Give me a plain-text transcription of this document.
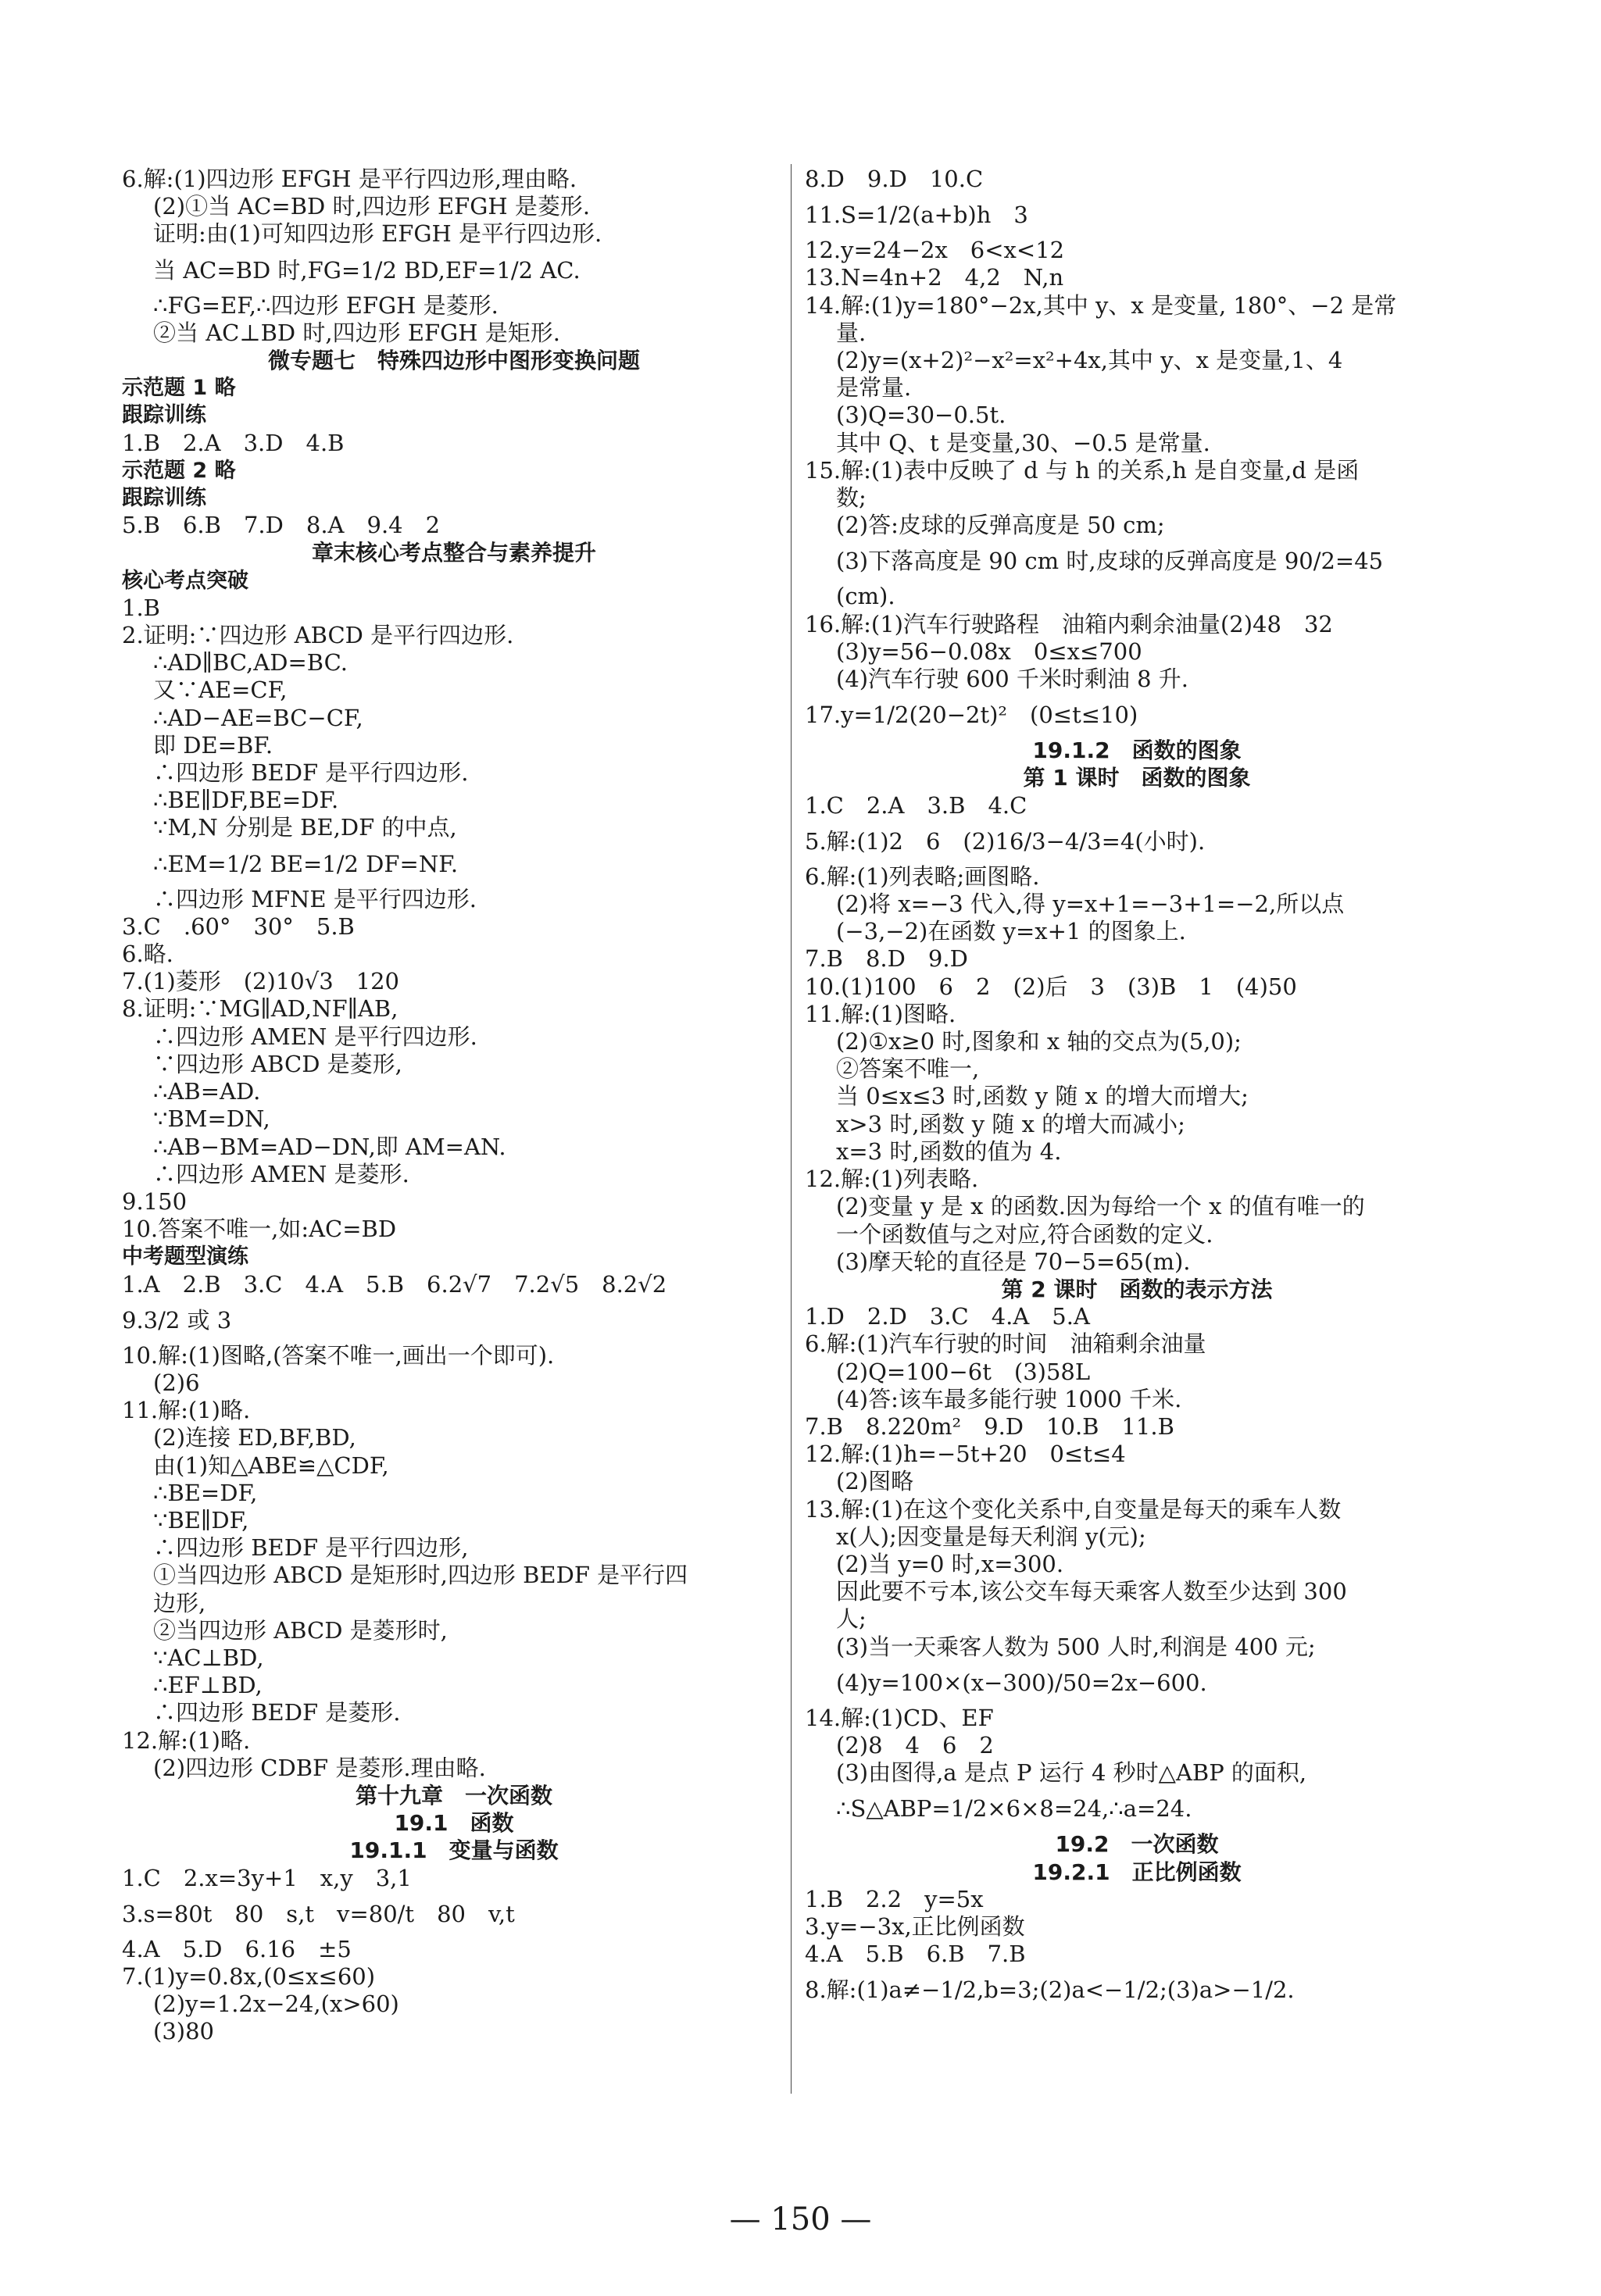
6.解:(1)四边形 EFGH 是平行四边形,理由略.
(2)①当 AC=BD 时,四边形 EFGH 是菱形.
证明:由(1)可知四边形 EFGH 是平行四边形.
当 AC=BD 时,FG=1/2 BD,EF=1/2 AC.
∴FG=EF,∴四边形 EFGH 是菱形.
②当 AC⊥BD 时,四边形 EFGH 是矩形.
微专题七　特殊四边形中图形变换问题
示范题 1 略
跟踪训练
1.B　2.A　3.D　4.B
示范题 2 略
跟踪训练
5.B　6.B　7.D　8.A　9.4　2
章末核心考点整合与素养提升
核心考点突破
1.B
2.证明:∵四边形 ABCD 是平行四边形.
∴AD∥BC,AD=BC.
又∵AE=CF,
∴AD−AE=BC−CF,
即 DE=BF.
∴四边形 BEDF 是平行四边形.
∴BE∥DF,BE=DF.
∵M,N 分别是 BE,DF 的中点,
∴EM=1/2 BE=1/2 DF=NF.
∴四边形 MFNE 是平行四边形.
3.C　.60°　30°　5.B
6.略.
7.(1)菱形　(2)10√3　120
8.证明:∵MG∥AD,NF∥AB,
∴四边形 AMEN 是平行四边形.
∵四边形 ABCD 是菱形,
∴AB=AD.
∵BM=DN,
∴AB−BM=AD−DN,即 AM=AN.
∴四边形 AMEN 是菱形.
9.150
10.答案不唯一,如:AC=BD
中考题型演练
1.A　2.B　3.C　4.A　5.B　6.2√7　7.2√5　8.2√2
9.3/2 或 3
10.解:(1)图略,(答案不唯一,画出一个即可).
(2)6
11.解:(1)略.
(2)连接 ED,BF,BD,
由(1)知△ABE≌△CDF,
∴BE=DF,
∵BE∥DF,
∴四边形 BEDF 是平行四边形,
①当四边形 ABCD 是矩形时,四边形 BEDF 是平行四
边形,
②当四边形 ABCD 是菱形时,
∵AC⊥BD,
∴EF⊥BD,
∴四边形 BEDF 是菱形.
12.解:(1)略.
(2)四边形 CDBF 是菱形.理由略.
第十九章　一次函数
19.1　函数
19.1.1　变量与函数
1.C　2.x=3y+1　x,y　3,1
3.s=80t　80　s,t　v=80/t　80　v,t
4.A　5.D　6.16　±5
7.(1)y=0.8x,(0≤x≤60)
(2)y=1.2x−24,(x>60)
(3)80
8.D　9.D　10.C
11.S=1/2(a+b)h　3
12.y=24−2x　6<x<12
13.N=4n+2　4,2　N,n
14.解:(1)y=180°−2x,其中 y、x 是变量, 180°、−2 是常
量.
(2)y=(x+2)²−x²=x²+4x,其中 y、x 是变量,1、4
是常量.
(3)Q=30−0.5t.
其中 Q、t 是变量,30、−0.5 是常量.
15.解:(1)表中反映了 d 与 h 的关系,h 是自变量,d 是函
数;
(2)答:皮球的反弹高度是 50 cm;
(3)下落高度是 90 cm 时,皮球的反弹高度是 90/2=45
(cm).
16.解:(1)汽车行驶路程　油箱内剩余油量(2)48　32
(3)y=56−0.08x　0≤x≤700
(4)汽车行驶 600 千米时剩油 8 升.
17.y=1/2(20−2t)²　(0≤t≤10)
19.1.2　函数的图象
第 1 课时　函数的图象
1.C　2.A　3.B　4.C
5.解:(1)2　6　(2)16/3−4/3=4(小时).
6.解:(1)列表略;画图略.
(2)将 x=−3 代入,得 y=x+1=−3+1=−2,所以点
(−3,−2)在函数 y=x+1 的图象上.
7.B　8.D　9.D
10.(1)100　6　2　(2)后　3　(3)B　1　(4)50
11.解:(1)图略.
(2)①x≥0 时,图象和 x 轴的交点为(5,0);
②答案不唯一,
当 0≤x≤3 时,函数 y 随 x 的增大而增大;
x>3 时,函数 y 随 x 的增大而减小;
x=3 时,函数的值为 4.
12.解:(1)列表略.
(2)变量 y 是 x 的函数.因为每给一个 x 的值有唯一的
一个函数值与之对应,符合函数的定义.
(3)摩天轮的直径是 70−5=65(m).
第 2 课时　函数的表示方法
1.D　2.D　3.C　4.A　5.A
6.解:(1)汽车行驶的时间　油箱剩余油量
(2)Q=100−6t　(3)58L
(4)答:该车最多能行驶 1000 千米.
7.B　8.220m²　9.D　10.B　11.B
12.解:(1)h=−5t+20　0≤t≤4
(2)图略
13.解:(1)在这个变化关系中,自变量是每天的乘车人数
x(人);因变量是每天利润 y(元);
(2)当 y=0 时,x=300.
因此要不亏本,该公交车每天乘客人数至少达到 300
人;
(3)当一天乘客人数为 500 人时,利润是 400 元;
(4)y=100×(x−300)/50=2x−600.
14.解:(1)CD、EF
(2)8　4　6　2
(3)由图得,a 是点 P 运行 4 秒时△ABP 的面积,
∴S△ABP=1/2×6×8=24,∴a=24.
19.2　一次函数
19.2.1　正比例函数
1.B　2.2　y=5x
3.y=−3x,正比例函数
4.A　5.B　6.B　7.B
8.解:(1)a≠−1/2,b=3;(2)a<−1/2;(3)a>−1/2.
— 150 —
